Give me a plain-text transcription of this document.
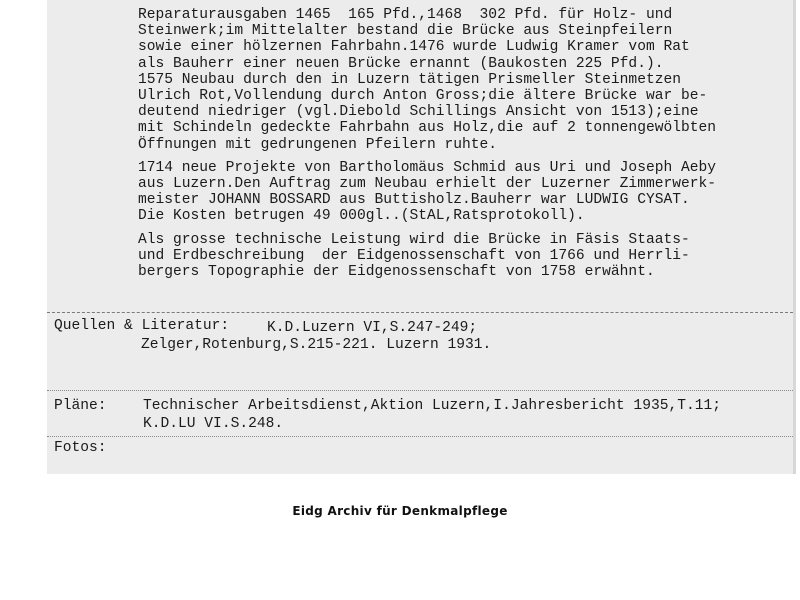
Reparaturausgaben 1465  165 Pfd.,1468  302 Pfd. für Holz- und
Steinwerk;im Mittelalter bestand die Brücke aus Steinpfeilern
sowie einer hölzernen Fahrbahn.1476 wurde Ludwig Kramer vom Rat
als Bauherr einer neuen Brücke ernannt (Baukosten 225 Pfd.).
1575 Neubau durch den in Luzern tätigen Prismeller Steinmetzen
Ulrich Rot,Vollendung durch Anton Gross;die ältere Brücke war be-
deutend niedriger (vgl.Diebold Schillings Ansicht von 1513);eine
mit Schindeln gedeckte Fahrbahn aus Holz,die auf 2 tonnengewölbten
Öffnungen mit gedrungenen Pfeilern ruhte.
1714 neue Projekte von Bartholomäus Schmid aus Uri und Joseph Aeby
aus Luzern.Den Auftrag zum Neubau erhielt der Luzerner Zimmerwerk-
meister JOHANN BOSSARD aus Buttisholz.Bauherr war LUDWIG CYSAT.
Die Kosten betrugen 49 000gl..(StAL,Ratsprotokoll).
Als grosse technische Leistung wird die Brücke in Fäsis Staats-
und Erdbeschreibung  der Eidgenossenschaft von 1766 und Herrli-
bergers Topographie der Eidgenossenschaft von 1758 erwähnt.
Quellen & Literatur:	K.D.Luzern VI,S.247-249;
Zelger,Rotenburg,S.215-221. Luzern 1931.
Pläne: Technischer Arbeitsdienst,Aktion Luzern,I.Jahresbericht 1935,T.11;
K.D.LU VI.S.248.
Fotos:
Eidg Archiv für Denkmalpflege
